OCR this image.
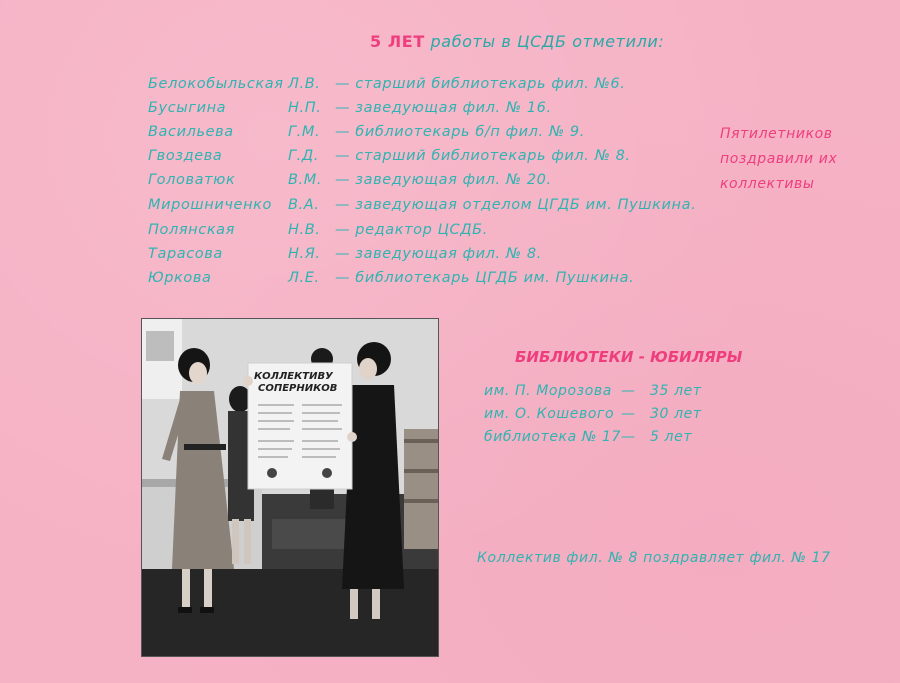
5 ЛЕТ работы в ЦСДБ отметили:
Белокобыльская Л.В. — старший библиотекарь фил. №6.
Бусыгина	Н.П. — заведующая фил. № 16.
Васильева	Г.М. — библиотекарь б/п фил. № 9.
Гвоздева	Г.Д. — старший библиотекарь фил. № 8.
Головатюк	В.М. — заведующая фил. № 20.
Мирошниченко В.А. — заведующая отделом ЦГДБ им. Пушкина.
Полянская	Н.В. — редактор ЦСДБ.
Тарасова	Н.Я. — заведующая фил. № 8.
Юркова	Л.Е. — библиотекарь ЦГДБ им. Пушкина.
Пятилетников
поздравили их
коллективы
КОЛЛЕКТИВУ
СОПЕРНИКОВ
БИБЛИОТЕКИ - ЮБИЛЯРЫ
им. П. Морозова — 35 лет
им. О. Кошевого — 30 лет
библиотека № 17 — 5 лет
Коллектив фил. № 8 поздравляет фил. № 17
